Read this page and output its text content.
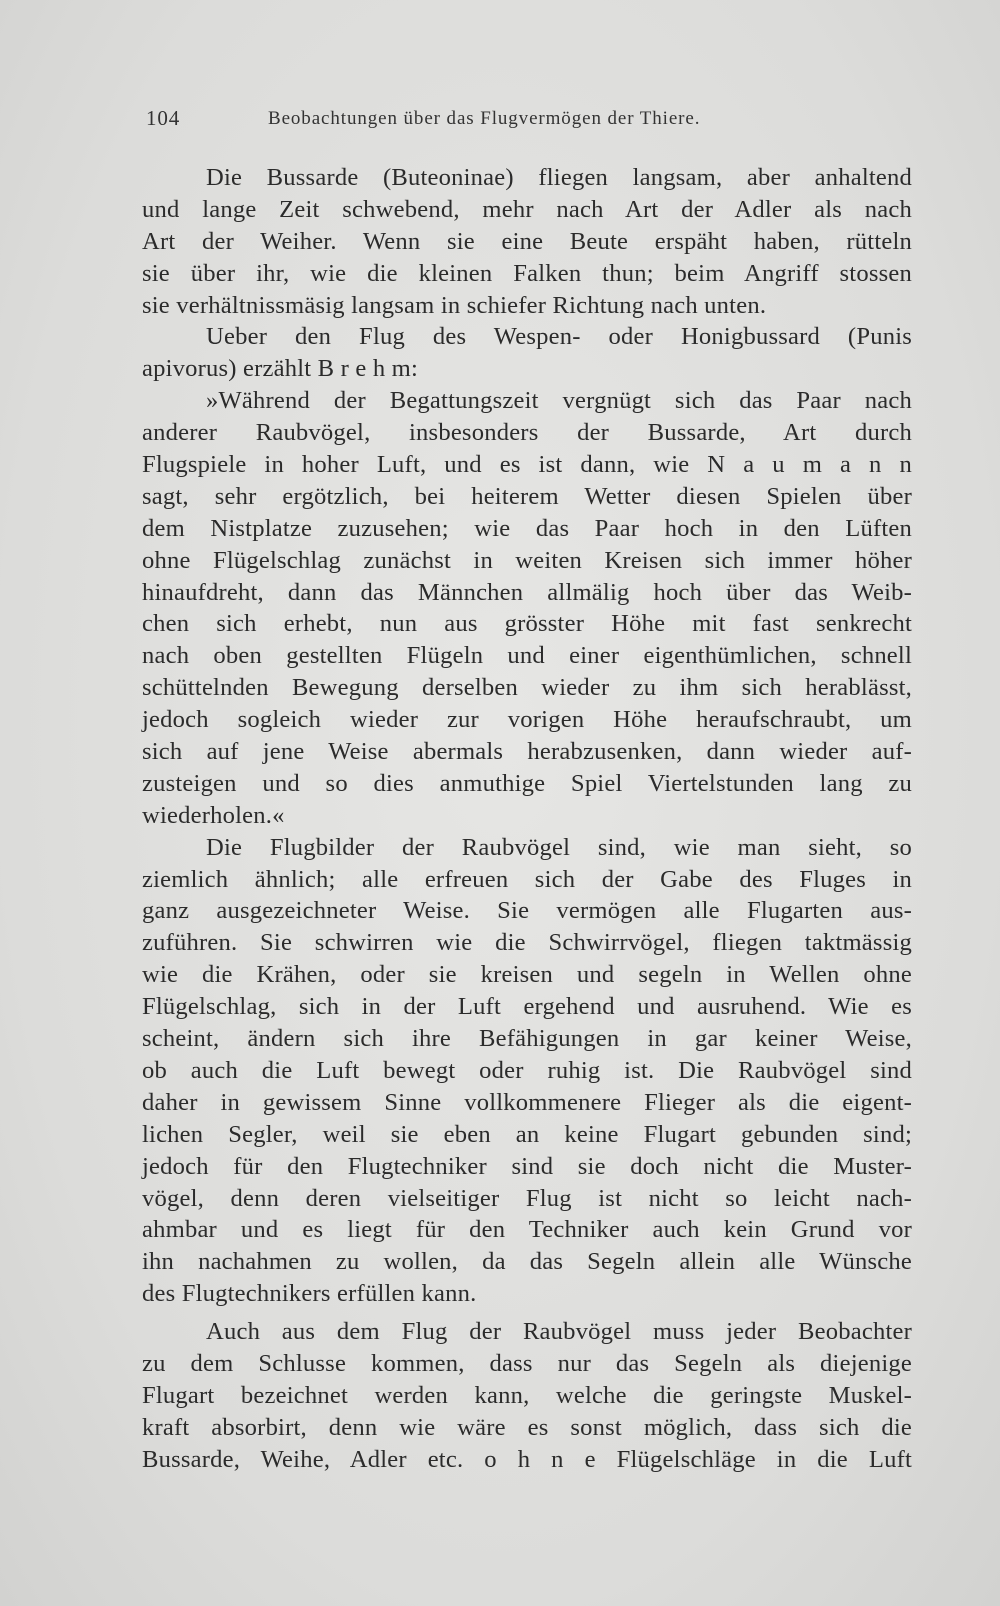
104	Beobachtungen über das Flugvermögen der Thiere.
Die Bussarde (Buteoninae) fliegen langsam, aber anhaltend
und lange Zeit schwebend, mehr nach Art der Adler als nach
Art der Weiher. Wenn sie eine Beute erspäht haben, rütteln
sie über ihr, wie die kleinen Falken thun; beim Angriff stossen
sie verhältnissmäsig langsam in schiefer Richtung nach unten.
Ueber den Flug des Wespen- oder Honigbussard (Punis
apivorus) erzählt B r e h m:
»Während der Begattungszeit vergnügt sich das Paar nach
anderer Raubvögel, insbesonders der Bussarde, Art durch
Flugspiele in hoher Luft, und es ist dann, wie N a u m a n n
sagt, sehr ergötzlich, bei heiterem Wetter diesen Spielen über
dem Nistplatze zuzusehen; wie das Paar hoch in den Lüften
ohne Flügelschlag zunächst in weiten Kreisen sich immer höher
hinaufdreht, dann das Männchen allmälig hoch über das Weib-
chen sich erhebt, nun aus grösster Höhe mit fast senkrecht
nach oben gestellten Flügeln und einer eigenthümlichen, schnell
schüttelnden Bewegung derselben wieder zu ihm sich herablässt,
jedoch sogleich wieder zur vorigen Höhe heraufschraubt, um
sich auf jene Weise abermals herabzusenken, dann wieder auf-
zusteigen und so dies anmuthige Spiel Viertelstunden lang zu
wiederholen.«
Die Flugbilder der Raubvögel sind, wie man sieht, so
ziemlich ähnlich; alle erfreuen sich der Gabe des Fluges in
ganz ausgezeichneter Weise. Sie vermögen alle Flugarten aus-
zuführen. Sie schwirren wie die Schwirrvögel, fliegen taktmässig
wie die Krähen, oder sie kreisen und segeln in Wellen ohne
Flügelschlag, sich in der Luft ergehend und ausruhend. Wie es
scheint, ändern sich ihre Befähigungen in gar keiner Weise,
ob auch die Luft bewegt oder ruhig ist. Die Raubvögel sind
daher in gewissem Sinne vollkommenere Flieger als die eigent-
lichen Segler, weil sie eben an keine Flugart gebunden sind;
jedoch für den Flugtechniker sind sie doch nicht die Muster-
vögel, denn deren vielseitiger Flug ist nicht so leicht nach-
ahmbar und es liegt für den Techniker auch kein Grund vor
ihn nachahmen zu wollen, da das Segeln allein alle Wünsche
des Flugtechnikers erfüllen kann.
Auch aus dem Flug der Raubvögel muss jeder Beobachter
zu dem Schlusse kommen, dass nur das Segeln als diejenige
Flugart bezeichnet werden kann, welche die geringste Muskel-
kraft absorbirt, denn wie wäre es sonst möglich, dass sich die
Bussarde, Weihe, Adler etc. o h n e Flügelschläge in die Luft
